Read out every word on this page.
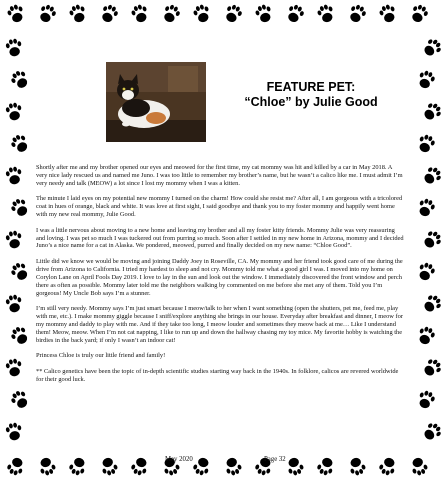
FEATURE PET:
“Chloe” by Julie Good

Shortly after me and my brother opened our eyes and meowed for the first time, my cat mommy was hit and killed by a car in May 2018. A very nice lady rescued us and named me Juno. I was too little to remember my brother’s name, but he wasn’t a calico like me. I must admit I’m very needy and talk (MEOW) a lot since I lost my mommy when I was a kitten.

The minute I laid eyes on my potential new mommy I turned on the charm! How could she resist me? After all, I am gorgeous with a tricolored coat in hues of orange, black and white. It was love at first sight, I said goodbye and thank you to my foster mommy and happily went home with my new real mommy, Julie Good.

I was a little nervous about moving to a new home and leaving my brother and all my foster kitty friends. Mommy Julie was very reassuring and loving. I was pet so much I was tuckered out from purring so much. Soon after I settled in my new home in Arizona, mommy and I decided Juno’s a nice name for a cat in Alaska. We pondered, meowed, purred and finally decided on my new name: “Chloe Good”.

Little did we know we would be moving and joining Daddy Joey in Roseville, CA. My mommy and her friend took good care of me during the drive from Arizona to California. I tried my hardest to sleep and not cry. Mommy told me what a good girl I was. I moved into my home on Corylon Lane on April Fools Day 2019. I love to lay in the sun and look out the window. I immediately discovered the front window and perch there as often as possible. Mommy later told me the neighbors walking by commented on me before she met any of them. Told you I’m gorgeous! My Uncle Bob says I’m a stunner.

I’m still very needy. Mommy says I’m just smart because I meow/talk to her when I want something (open the shutters, pet me, feed me, play with me, etc.). I make mommy giggle because I sniff/explore anything she brings in our house. Everyday after breakfast and dinner, I meow for my mommy and daddy to play with me. And if they take too long, I meow louder and sometimes they meow back at me… Like I understand them! Meow, meow. When I’m not cat napping, I like to run up and down the hallway chasing my toy mice. My favorite hobby is watching the birdies in the back yard; if only I wasn’t an indoor cat!

Princess Chloe is truly our little friend and family!

** Calico genetics have been the topic of in-depth scientific studies starting way back in the 1940s. In folklore, calicos are revered worldwide for their good luck.

May 2020	Page 32
